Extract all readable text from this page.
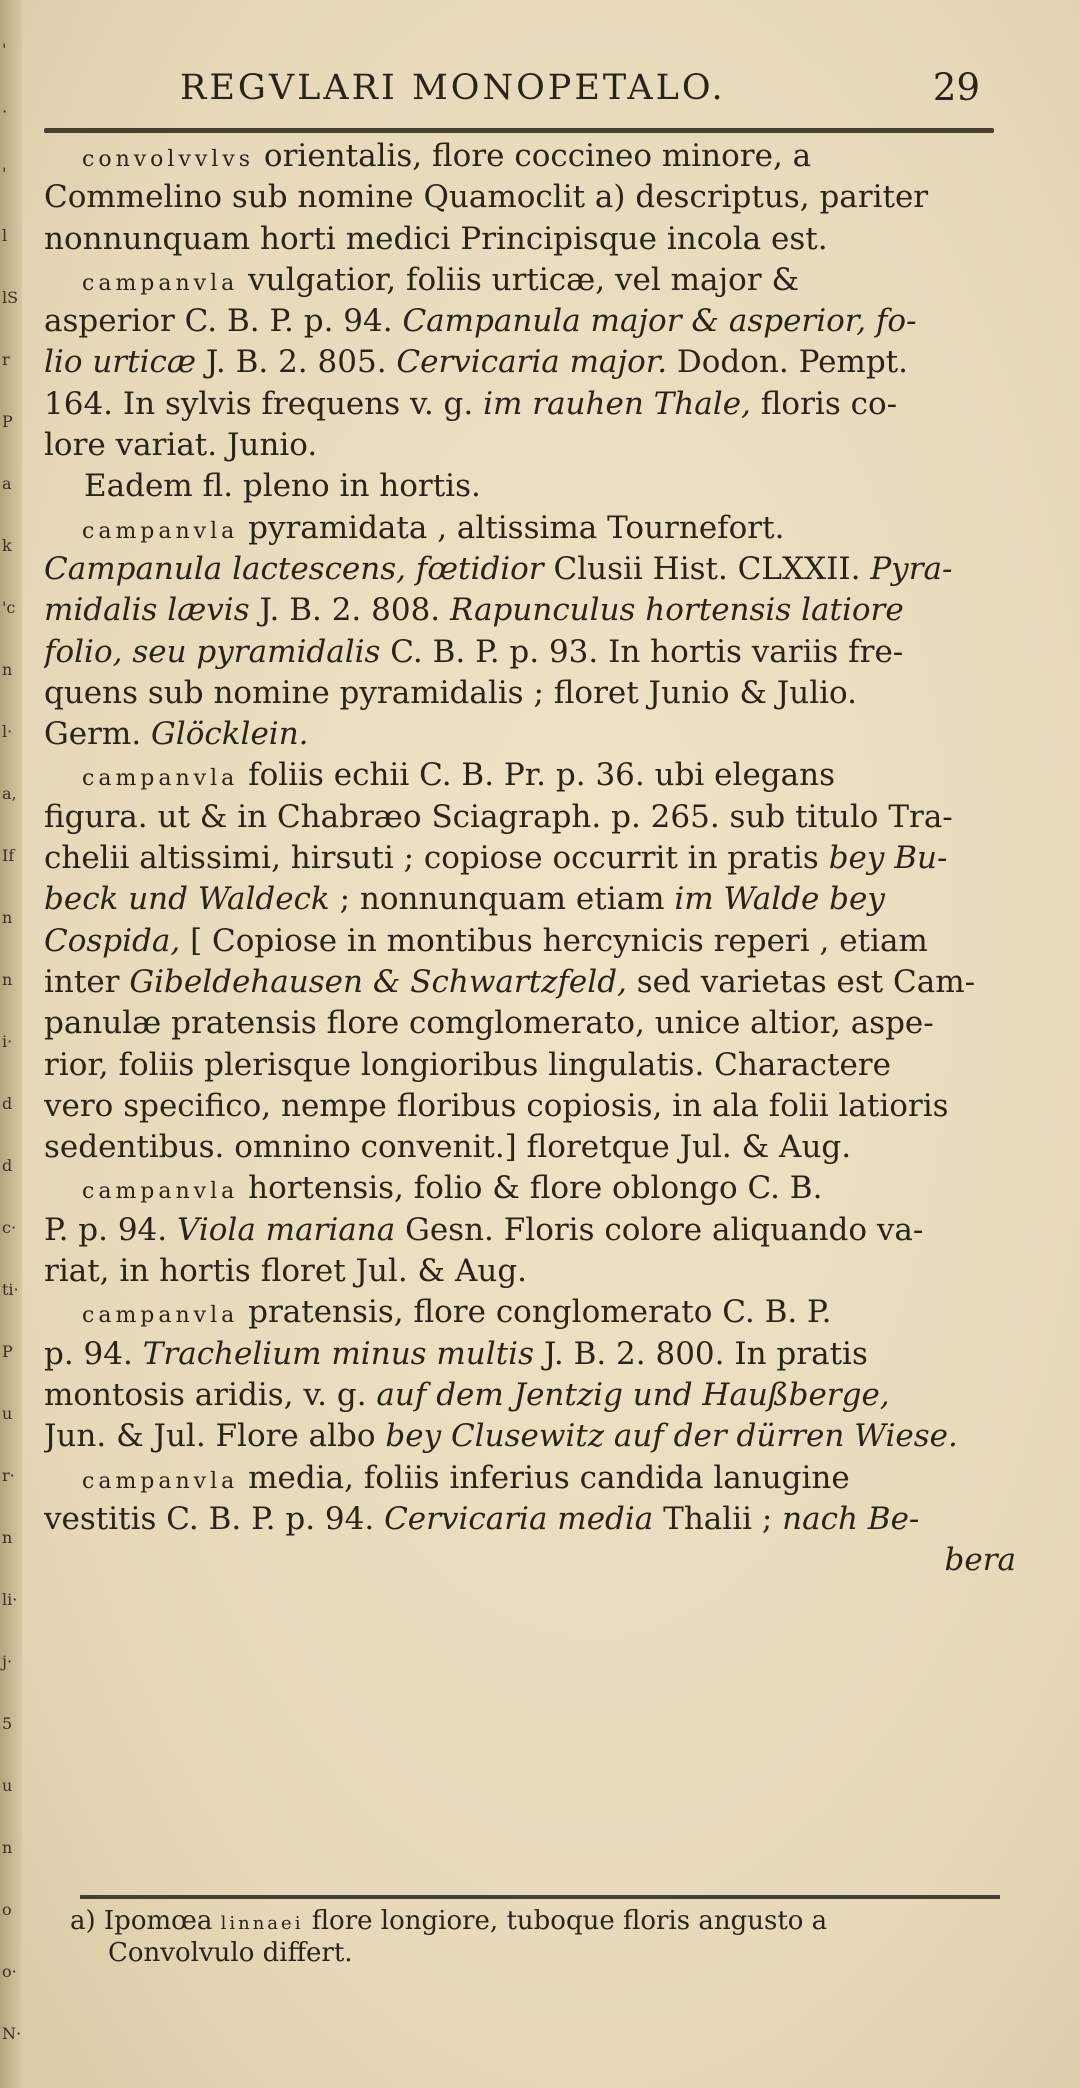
'
·
'
l
lS
r
P
a
k
'c
n
l·
a,
If
n
n
i·
d
d
c·
ti·
P
u
r·
n
li·
j·
5
u
n
o
o·
N·
REGVLARI MONOPETALO.	29
convolvvlvs orientalis, flore coccineo minore, a
Commelino sub nomine Quamoclit a) descriptus, pariter
nonnunquam horti medici Principisque incola est.
campanvla vulgatior, foliis urticæ, vel major &
asperior C. B. P. p. 94. Campanula major & asperior, fo-
lio urticæ J. B. 2. 805. Cervicaria major. Dodon. Pempt.
164. In sylvis frequens v. g. im rauhen Thale, floris co-
lore variat. Junio.
Eadem fl. pleno in hortis.
campanvla pyramidata , altissima Tournefort.
Campanula lactescens, fœtidior Clusii Hist. CLXXII. Pyra-
midalis lævis J. B. 2. 808. Rapunculus hortensis latiore
folio, seu pyramidalis C. B. P. p. 93. In hortis variis fre-
quens sub nomine pyramidalis ; floret Junio & Julio.
Germ. Glöcklein.
campanvla foliis echii C. B. Pr. p. 36. ubi elegans
figura. ut & in Chabræo Sciagraph. p. 265. sub titulo Tra-
chelii altissimi, hirsuti ; copiose occurrit in pratis bey Bu-
beck und Waldeck ; nonnunquam etiam im Walde bey
Cospida, [ Copiose in montibus hercynicis reperi , etiam
inter Gibeldehausen & Schwartzfeld, sed varietas est Cam-
panulæ pratensis flore comglomerato, unice altior, aspe-
rior, foliis plerisque longioribus lingulatis. Charactere
vero specifico, nempe floribus copiosis, in ala folii latioris
sedentibus. omnino convenit.] floretque Jul. & Aug.
campanvla hortensis, folio & flore oblongo C. B.
P. p. 94. Viola mariana Gesn. Floris colore aliquando va-
riat, in hortis floret Jul. & Aug.
campanvla pratensis, flore conglomerato C. B. P.
p. 94. Trachelium minus multis J. B. 2. 800. In pratis
montosis aridis, v. g. auf dem Jentzig und Haußberge,
Jun. & Jul. Flore albo bey Clusewitz auf der dürren Wiese.
campanvla media, foliis inferius candida lanugine
vestitis C. B. P. p. 94. Cervicaria media Thalii ; nach Be-
bera
a) Ipomœa linnaei flore longiore, tuboque floris angusto a
Convolvulo differt.
